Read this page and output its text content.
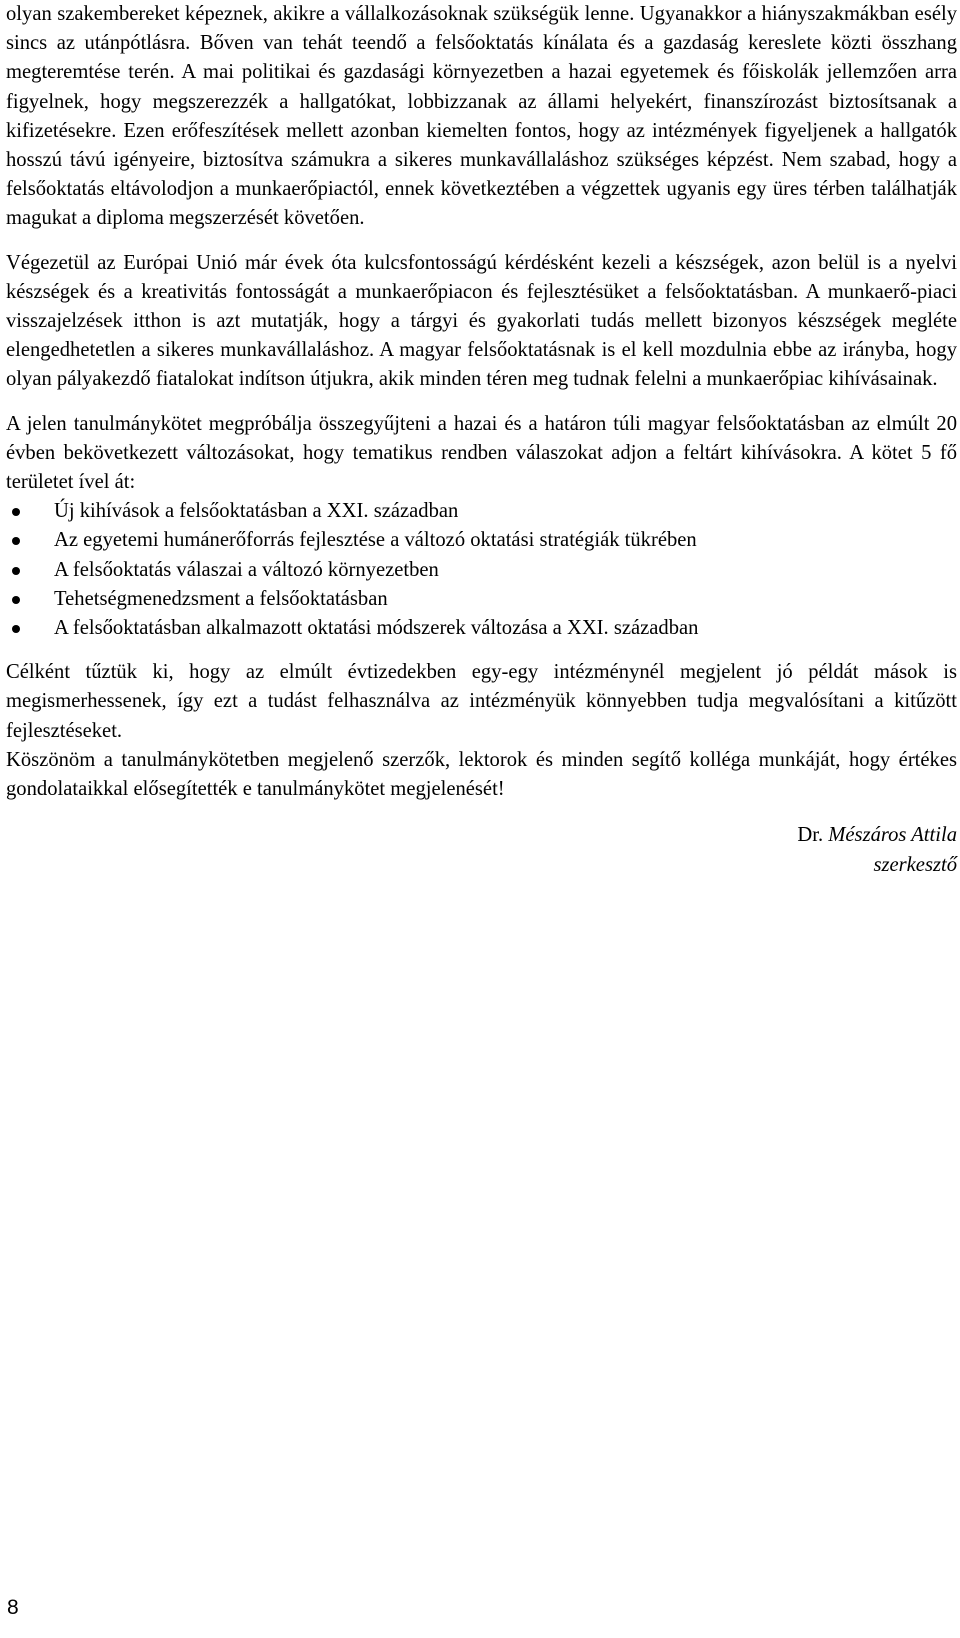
olyan szakembereket képeznek, akikre a vállalkozásoknak szükségük lenne. Ugyanakkor a hiányszakmákban esély sincs az utánpótlásra. Bőven van tehát teendő a felsőoktatás kínálata és a gazdaság kereslete közti összhang megteremtése terén. A mai politikai és gazdasági környezetben a hazai egyetemek és főiskolák jellemzően arra figyelnek, hogy megszerezzék a hallgatókat, lobbizzanak az állami helyekért, finanszírozást biztosítsanak a kifizetésekre. Ezen erőfeszítések mellett azonban kiemelten fontos, hogy az intézmények figyeljenek a hallgatók hosszú távú igényeire, biztosítva számukra a sikeres munkavállaláshoz szükséges képzést. Nem szabad, hogy a felsőoktatás eltávolodjon a munkaerőpiactól, ennek következtében a végzettek ugyanis egy üres térben találhatják magukat a diploma megszerzését követően.

Végezetül az Európai Unió már évek óta kulcsfontosságú kérdésként kezeli a készségek, azon belül is a nyelvi készségek és a kreativitás fontosságát a munkaerőpiacon és fejlesztésüket a felsőoktatásban. A munkaerő-piaci visszajelzések itthon is azt mutatják, hogy a tárgyi és gyakorlati tudás mellett bizonyos készségek megléte elengedhetetlen a sikeres munkavállaláshoz. A magyar felsőoktatásnak is el kell mozdulnia ebbe az irányba, hogy olyan pályakezdő fiatalokat indítson útjukra, akik minden téren meg tudnak felelni a munkaerőpiac kihívásainak.

A jelen tanulmánykötet megpróbálja összegyűjteni a hazai és a határon túli magyar felsőoktatásban az elmúlt 20 évben bekövetkezett változásokat, hogy tematikus rendben válaszokat adjon a feltárt kihívásokra. A kötet 5 fő területet ível át:

Új kihívások a felsőoktatásban a XXI. században
Az egyetemi humánerőforrás fejlesztése a változó oktatási stratégiák tükrében
A felsőoktatás válaszai a változó környezetben
Tehetségmenedzsment a felsőoktatásban
A felsőoktatásban alkalmazott oktatási módszerek változása a XXI. században

Célként tűztük ki, hogy az elmúlt évtizedekben egy-egy intézménynél megjelent jó példát mások is megismerhessenek, így ezt a tudást felhasználva az intézményük könnyebben tudja megvalósítani a kitűzött fejlesztéseket.

Köszönöm a tanulmánykötetben megjelenő szerzők, lektorok és minden segítő kolléga munkáját, hogy értékes gondolataikkal elősegítették e tanulmánykötet megjelenését!

Dr. Mészáros Attila
szerkesztő
8
